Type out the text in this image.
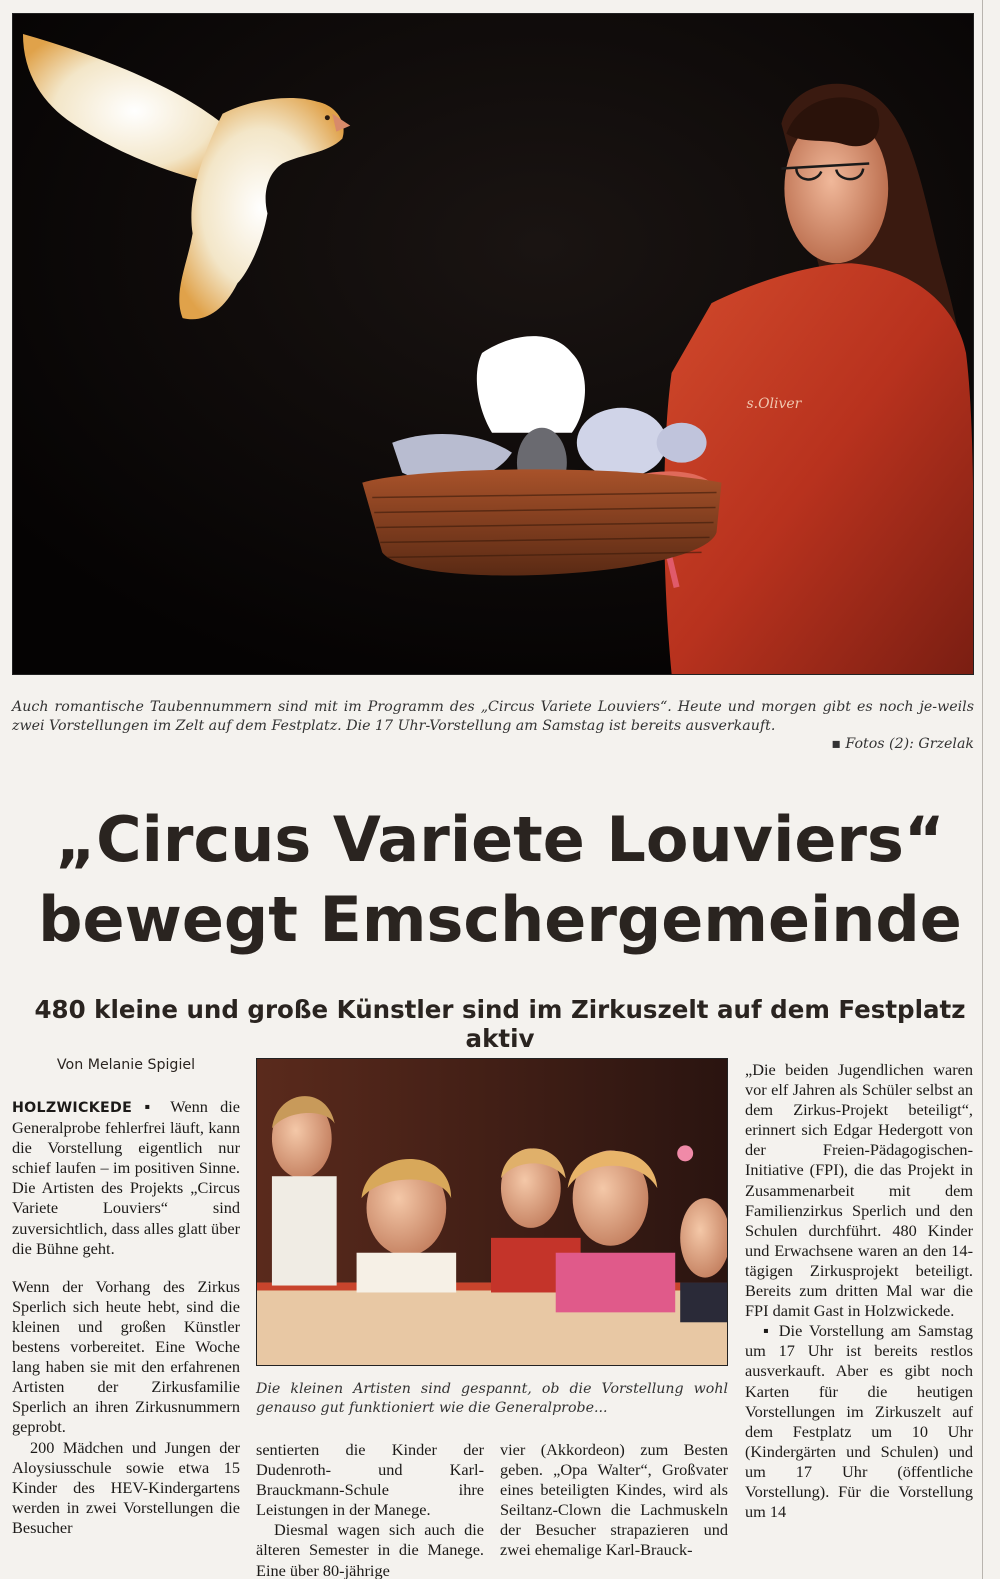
s.Oliver
Auch romantische Taubennummern sind mit im Programm des „Circus Variete Louviers“. Heute und morgen gibt es noch je-weils zwei Vorstellungen im Zelt auf dem Festplatz. Die 17 Uhr-Vorstellung am Samstag ist bereits ausverkauft.
▪ Fotos (2): Grzelak
„Circus Variete Louviers“
bewegt Emschergemeinde
480 kleine und große Künstler sind im Zirkuszelt auf dem Festplatz aktiv
Von Melanie Spigiel

HOLZWICKEDE ▪ Wenn die Generalprobe fehlerfrei läuft, kann die Vorstellung eigentlich nur schief laufen – im positiven Sinne. Die Artisten des Projekts „Circus Variete Louviers“ sind zuversichtlich, dass alles glatt über die Bühne geht.

Wenn der Vorhang des Zirkus Sperlich sich heute hebt, sind die kleinen und großen Künstler bestens vorbereitet. Eine Woche lang haben sie mit den erfahrenen Artisten der Zirkusfamilie Sperlich an ihren Zirkusnummern geprobt.

200 Mädchen und Jungen der Aloysiusschule sowie etwa 15 Kinder des HEV-Kindergartens werden in zwei Vorstellungen die Besucher

Die kleinen Artisten sind gespannt, ob die Vorstellung wohl genauso gut funktioniert wie die Generalprobe...

sentierten die Kinder der Dudenroth- und Karl-Brauckmann-Schule ihre Leistungen in der Manege.

Diesmal wagen sich auch die älteren Semester in die Manege. Eine über 80-jährige

vier (Akkordeon) zum Besten geben. „Opa Walter“, Großvater eines beteiligten Kindes, wird als Seiltanz-Clown die Lachmuskeln der Besucher strapazieren und zwei ehemalige Karl-Brauck-

„Die beiden Jugendlichen waren vor elf Jahren als Schüler selbst an dem Zirkus-Projekt beteiligt“, erinnert sich Edgar Hedergott von der Freien-Pädagogischen-Initiative (FPI), die das Projekt in Zusammenarbeit mit dem Familienzirkus Sperlich und den Schulen durchführt. 480 Kinder und Erwachsene waren an den 14-tägigen Zirkusprojekt beteiligt. Bereits zum dritten Mal war die FPI damit Gast in Holzwickede.

▪ Die Vorstellung am Samstag um 17 Uhr ist bereits restlos ausverkauft. Aber es gibt noch Karten für die heutigen Vorstellungen im Zirkuszelt auf dem Festplatz um 10 Uhr (Kindergärten und Schulen) und um 17 Uhr (öffentliche Vorstellung). Für die Vorstellung um 14
